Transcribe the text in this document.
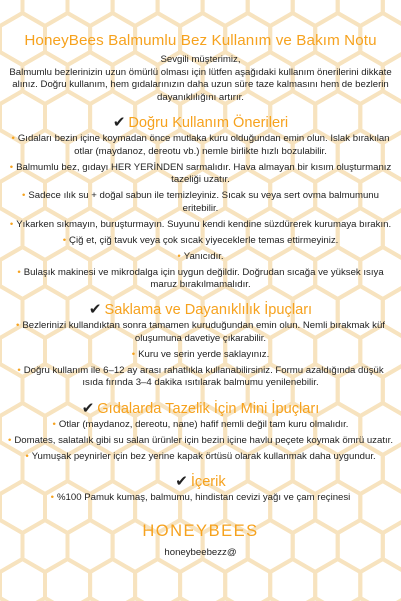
HoneyBees Balmumlu Bez Kullanım ve Bakım Notu
Sevgili müşterimiz,
Balmumlu bezlerinizin uzun ömürlü olması için lütfen aşağıdaki kullanım önerilerini dikkate alınız. Doğru kullanım, hem gıdalarınızın daha uzun süre taze kalmasını hem de bezlerin dayanıklılığını artırır.
✔ Doğru Kullanım Önerileri
• Gıdaları bezin içine koymadan önce mutlaka kuru olduğundan emin olun. Islak bırakılan otlar (maydanoz, dereotu vb.) nemle birlikte hızlı bozulabilir.
• Balmumlu bez, gıdayı HER YERİNDEN sarmalıdır. Hava almayan bir kısım oluşturmanız tazeliği uzatır.
• Sadece ılık su + doğal sabun ile temizleyiniz. Sıcak su veya sert ovma balmumunu eritebilir.
• Yıkarken sıkmayın, buruşturmayın. Suyunu kendi kendine süzdürerek kurumaya bırakın.
• Çiğ et, çiğ tavuk veya çok sıcak yiyeceklerle temas ettirmeyiniz.
• Yanıcıdır.
• Bulaşık makinesi ve mikrodalga için uygun değildir. Doğrudan sıcağa ve yüksek ısıya maruz bırakılmamalıdır.
✔ Saklama ve Dayanıklılık İpuçları
• Bezlerinizi kullandıktan sonra tamamen kuruduğundan emin olun. Nemli bırakmak küf oluşumuna davetiye çıkarabilir.
• Kuru ve serin yerde saklayınız.
• Doğru kullanım ile 6–12 ay arası rahatlıkla kullanabilirsiniz. Formu azaldığında düşük ısıda fırında 3–4 dakika ısıtılarak balmumu yenilenebilir.
✔ Gıdalarda Tazelik İçin Mini İpuçları
• Otlar (maydanoz, dereotu, nane) hafif nemli değil tam kuru olmalıdır.
• Domates, salatalık gibi su salan ürünler için bezin içine havlu peçete koymak ömrü uzatır.
• Yumuşak peynirler için bez yerine kapak örtüsü olarak kullanmak daha uygundur.
✔ İçerik
• %100 Pamuk kumaş, balmumu, hindistan cevizi yağı ve çam reçinesi
HONEYBEES
honeybeebezz@
